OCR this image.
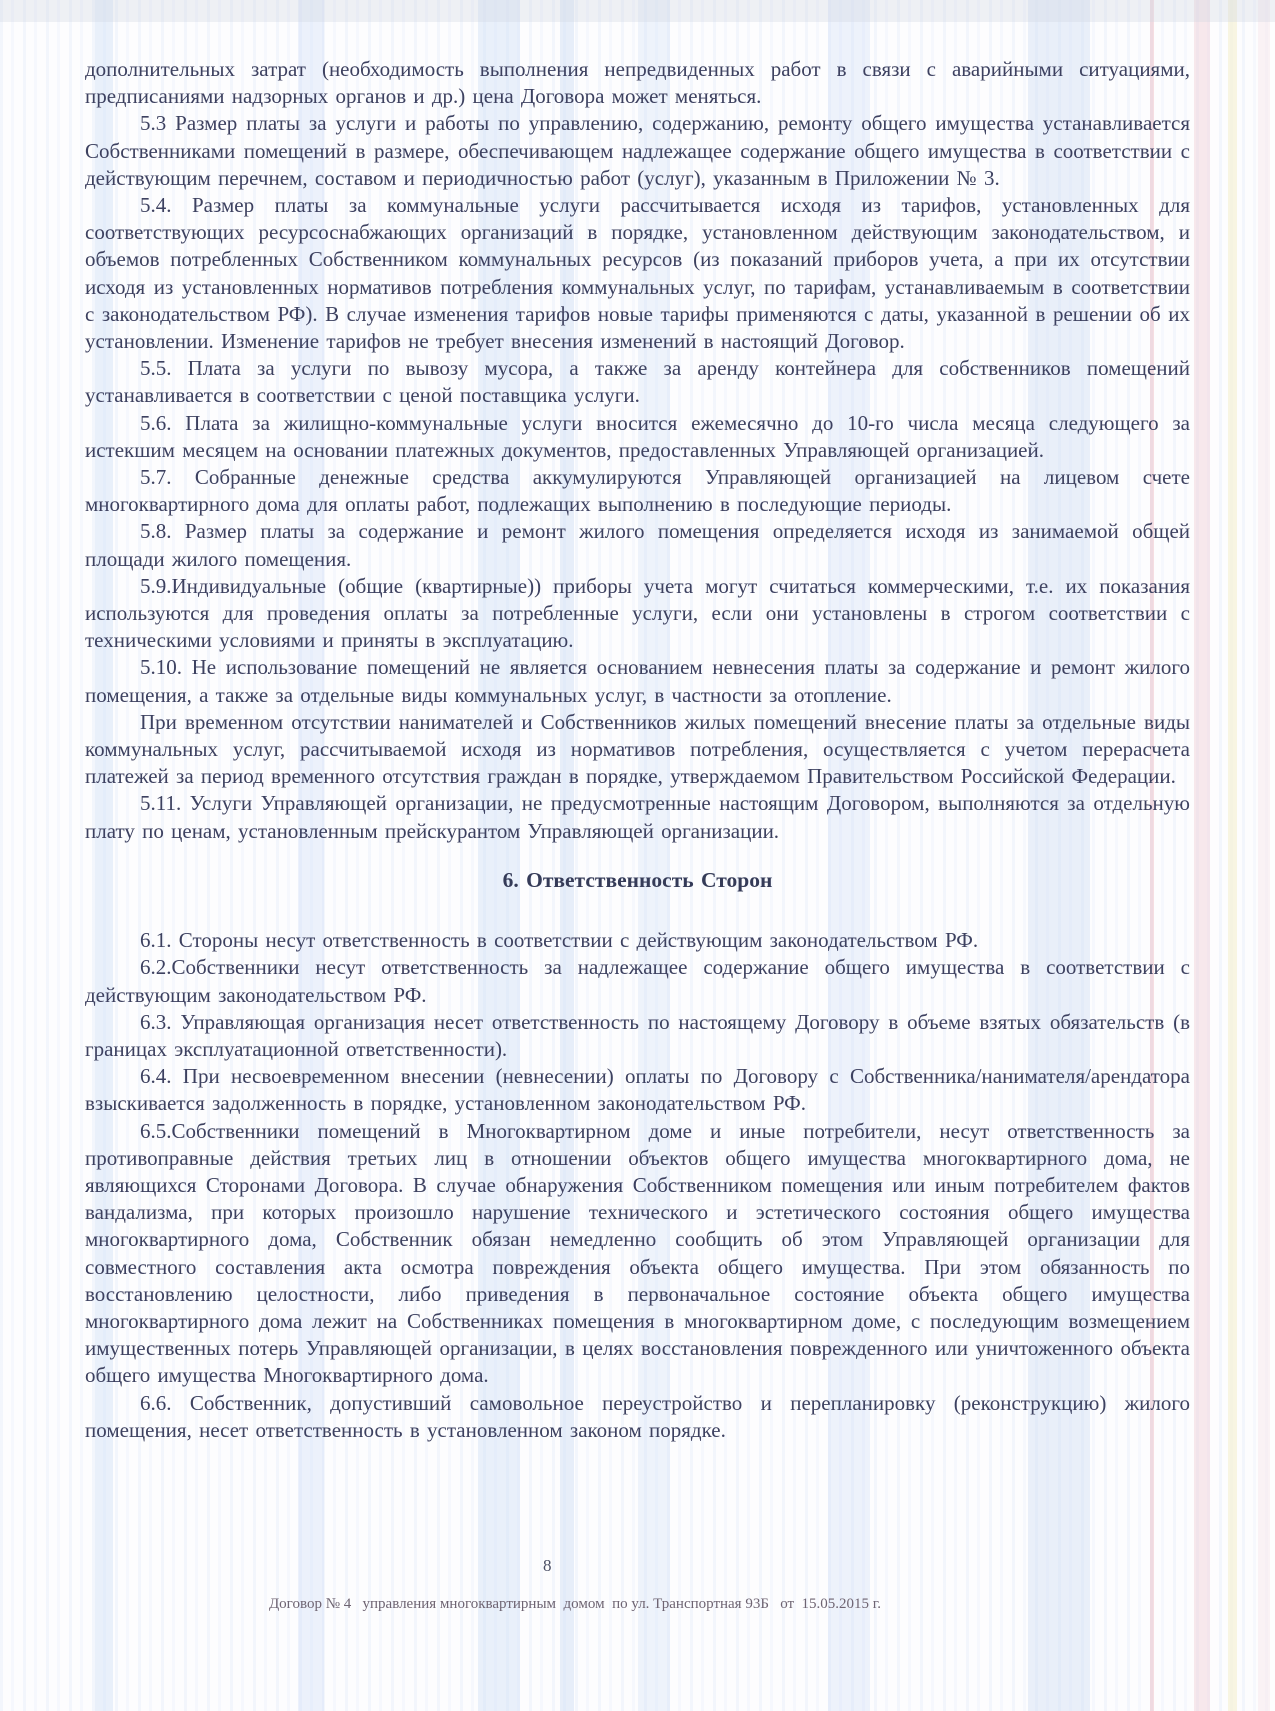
дополнительных затрат (необходимость выполнения непредвиденных работ в связи с аварийными ситуациями, предписаниями надзорных органов и др.) цена Договора может меняться.

5.3 Размер платы за услуги и работы по управлению, содержанию, ремонту общего имущества устанавливается Собственниками помещений в размере, обеспечивающем надлежащее содержание общего имущества в соответствии с действующим перечнем, составом и периодичностью работ (услуг), указанным в Приложении № 3.

5.4. Размер платы за коммунальные услуги рассчитывается исходя из тарифов, установленных для соответствующих ресурсоснабжающих организаций в порядке, установленном действующим законодательством, и объемов потребленных Собственником коммунальных ресурсов (из показаний приборов учета, а при их отсутствии исходя из установленных нормативов потребления коммунальных услуг, по тарифам, устанавливаемым в соответствии с законодательством РФ). В случае изменения тарифов новые тарифы применяются с даты, указанной в решении об их установлении. Изменение тарифов не требует внесения изменений в настоящий Договор.

5.5. Плата за услуги по вывозу мусора, а также за аренду контейнера для собственников помещений устанавливается в соответствии с ценой поставщика услуги.

5.6. Плата за жилищно-коммунальные услуги вносится ежемесячно до 10-го числа месяца следующего за истекшим месяцем на основании платежных документов, предоставленных Управляющей организацией.

5.7. Собранные денежные средства аккумулируются Управляющей организацией на лицевом счете многоквартирного дома для оплаты работ, подлежащих выполнению в последующие периоды.

5.8. Размер платы за содержание и ремонт жилого помещения определяется исходя из занимаемой общей площади жилого помещения.

5.9.Индивидуальные (общие (квартирные)) приборы учета могут считаться коммерческими, т.е. их показания используются для проведения оплаты за потребленные услуги, если они установлены в строгом соответствии с техническими условиями и приняты в эксплуатацию.

5.10. Не использование помещений не является основанием невнесения платы за содержание и ремонт жилого помещения, а также за отдельные виды коммунальных услуг, в частности за отопление.

При временном отсутствии нанимателей и Собственников жилых помещений внесение платы за отдельные виды коммунальных услуг, рассчитываемой исходя из нормативов потребления, осуществляется с учетом перерасчета платежей за период временного отсутствия граждан в порядке, утверждаемом Правительством Российской Федерации.

5.11. Услуги Управляющей организации, не предусмотренные настоящим Договором, выполняются за отдельную плату по ценам, установленным прейскурантом Управляющей организации.

6. Ответственность Сторон

6.1. Стороны несут ответственность в соответствии с действующим законодательством РФ.

6.2.Собственники несут ответственность за надлежащее содержание общего имущества в соответствии с действующим законодательством РФ.

6.3. Управляющая организация несет ответственность по настоящему Договору в объеме взятых обязательств (в границах эксплуатационной ответственности).

6.4. При несвоевременном внесении (невнесении) оплаты по Договору с Собственника/нанимателя/арендатора взыскивается задолженность в порядке, установленном законодательством РФ.

6.5.Собственники помещений в Многоквартирном доме и иные потребители, несут ответственность за противоправные действия третьих лиц в отношении объектов общего имущества многоквартирного дома, не являющихся Сторонами Договора. В случае обнаружения Собственником помещения или иным потребителем фактов вандализма, при которых произошло нарушение технического и эстетического состояния общего имущества многоквартирного дома, Собственник обязан немедленно сообщить об этом Управляющей организации для совместного составления акта осмотра повреждения объекта общего имущества. При этом обязанность по восстановлению целостности, либо приведения в первоначальное состояние объекта общего имущества многоквартирного дома лежит на Собственниках помещения в многоквартирном доме, с последующим возмещением имущественных потерь Управляющей организации, в целях восстановления поврежденного или уничтоженного объекта общего имущества Многоквартирного дома.

6.6. Собственник, допустивший самовольное переустройство и перепланировку (реконструкцию) жилого помещения, несет ответственность в установленном законом порядке.

8
Договор № 4   управления многоквартирным  домом  по ул. Транспортная 93Б   от  15.05.2015 г.
